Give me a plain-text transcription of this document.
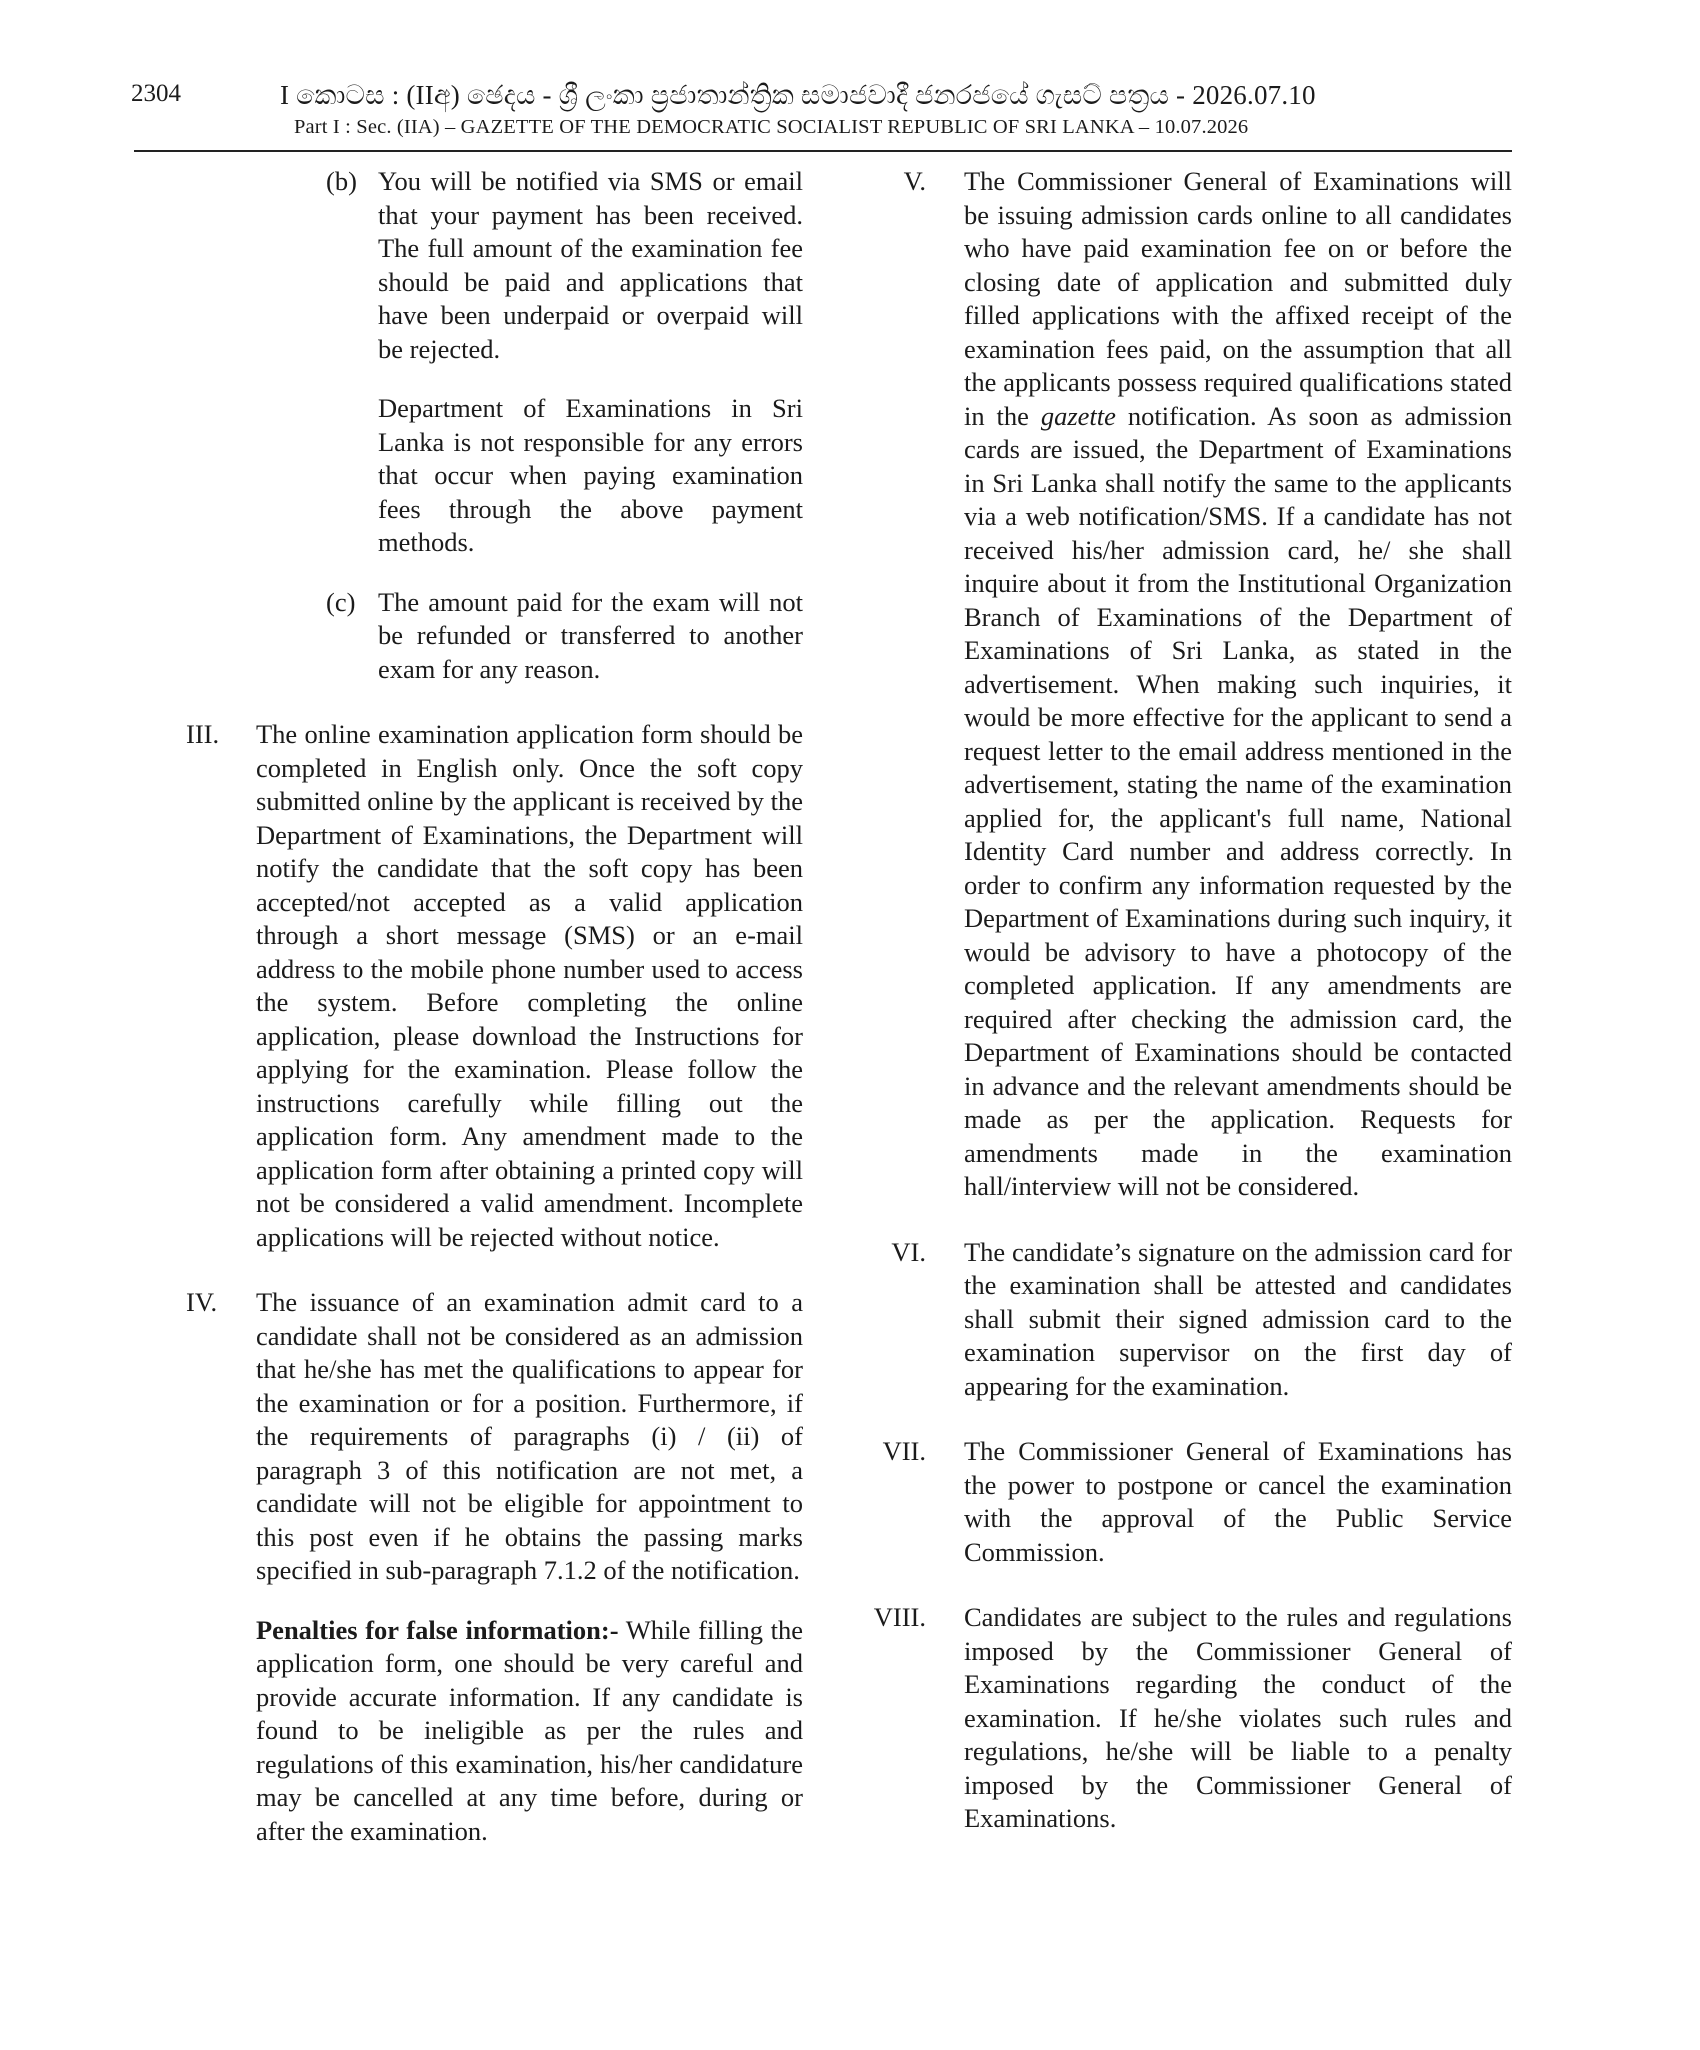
2304	I කොටස : (IIඅ) ඡෙදය - ශ්‍රී ලංකා ප්‍රජාතාන්ත්‍රික සමාජවාදී ජනරජයේ ගැසට් පත්‍රය - 2026.07.10
Part I : Sec. (IIA) – GAZETTE OF THE DEMOCRATIC SOCIALIST REPUBLIC OF SRI LANKA – 10.07.2026
(b) You will be notified via SMS or email that your payment has been received. The full amount of the examination fee should be paid and applications that have been underpaid or overpaid will be rejected.

Department of Examinations in Sri Lanka is not responsible for any errors that occur when paying examination fees through the above payment methods.

(c) The amount paid for the exam will not be refunded or transferred to another exam for any reason.

III. The online examination application form should be completed in English only. Once the soft copy submitted online by the applicant is received by the Department of Examinations, the Department will notify the candidate that the soft copy has been accepted/not accepted as a valid application through a short message (SMS) or an e-mail address to the mobile phone number used to access the system. Before completing the online application, please download the Instructions for applying for the examination. Please follow the instructions carefully while filling out the application form. Any amendment made to the application form after obtaining a printed copy will not be considered a valid amendment. Incomplete applications will be rejected without notice.

IV. The issuance of an examination admit card to a candidate shall not be considered as an admission that he/she has met the qualifications to appear for the examination or for a position. Furthermore, if the requirements of paragraphs (i) / (ii) of paragraph 3 of this notification are not met, a candidate will not be eligible for appointment to this post even if he obtains the passing marks specified in sub-paragraph 7.1.2 of the notification.

Penalties for false information:- While filling the application form, one should be very careful and provide accurate information. If any candidate is found to be ineligible as per the rules and regulations of this examination, his/her candidature may be cancelled at any time before, during or after the examination.

V. The Commissioner General of Examinations will be issuing admission cards online to all candidates who have paid examination fee on or before the closing date of application and submitted duly filled applications with the affixed receipt of the examination fees paid, on the assumption that all the applicants possess required qualifications stated in the gazette notification. As soon as admission cards are issued, the Department of Examinations in Sri Lanka shall notify the same to the applicants via a web notification/SMS. If a candidate has not received his/her admission card, he/ she shall inquire about it from the Institutional Organization Branch of Examinations of the Department of Examinations of Sri Lanka, as stated in the advertisement. When making such inquiries, it would be more effective for the applicant to send a request letter to the email address mentioned in the advertisement, stating the name of the examination applied for, the applicant's full name, National Identity Card number and address correctly. In order to confirm any information requested by the Department of Examinations during such inquiry, it would be advisory to have a photocopy of the completed application. If any amendments are required after checking the admission card, the Department of Examinations should be contacted in advance and the relevant amendments should be made as per the application. Requests for amendments made in the examination hall/interview will not be considered.

VI. The candidate’s signature on the admission card for the examination shall be attested and candidates shall submit their signed admission card to the examination supervisor on the first day of appearing for the examination.

VII. The Commissioner General of Examinations has the power to postpone or cancel the examination with the approval of the Public Service Commission.

VIII. Candidates are subject to the rules and regulations imposed by the Commissioner General of Examinations regarding the conduct of the examination. If he/she violates such rules and regulations, he/she will be liable to a penalty imposed by the Commissioner General of Examinations.
